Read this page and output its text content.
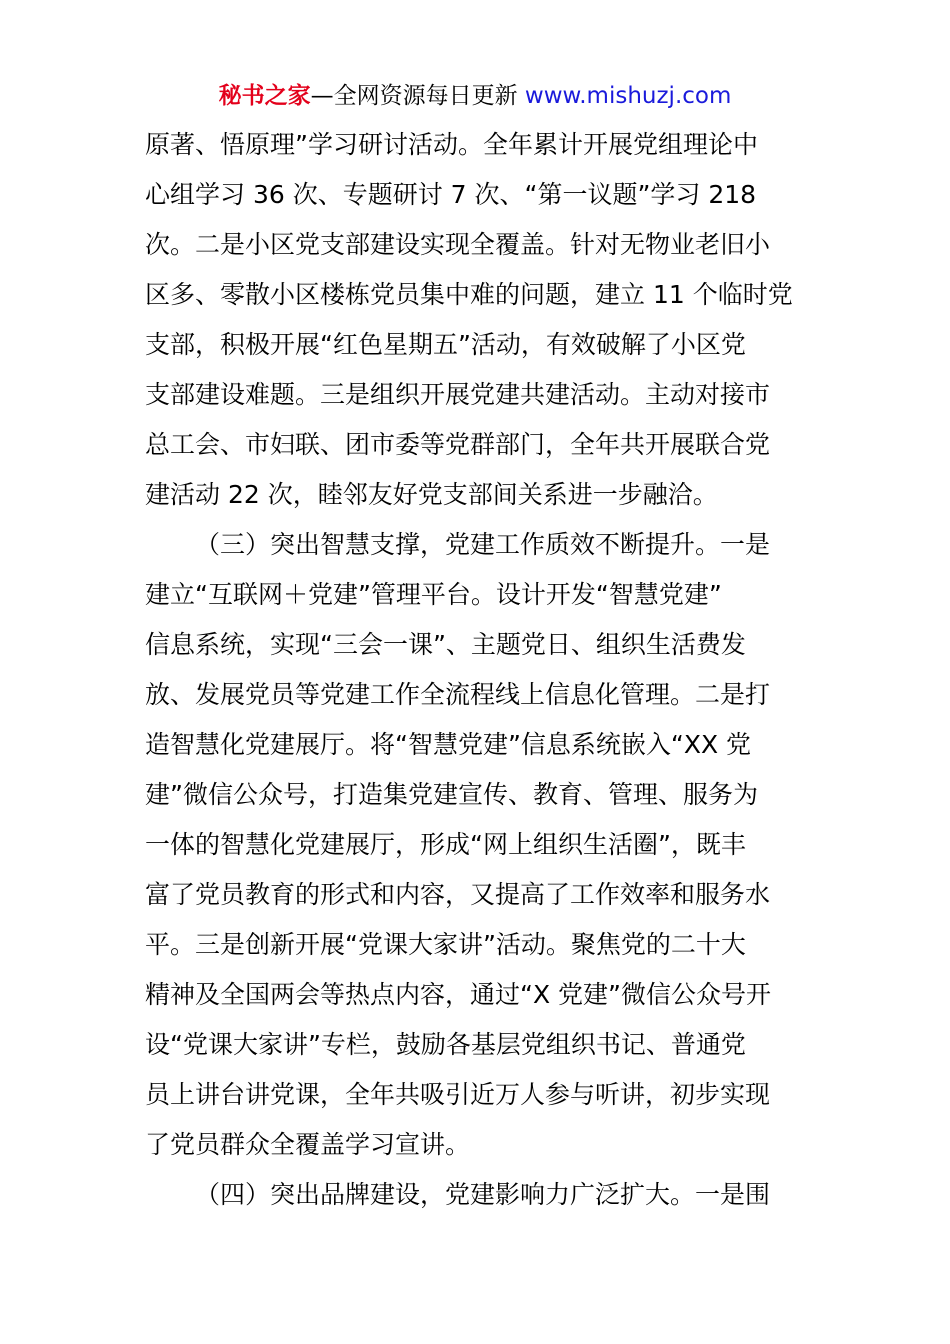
秘书之家—全网资源每日更新 www.mishuzj.com
原著、悟原理”学习研讨活动。全年累计开展党组理论中
心组学习 36 次、专题研讨 7 次、“第一议题”学习 218
次。二是小区党支部建设实现全覆盖。针对无物业老旧小
区多、零散小区楼栋党员集中难的问题，建立 11 个临时党
支部，积极开展“红色星期五”活动，有效破解了小区党
支部建设难题。三是组织开展党建共建活动。主动对接市
总工会、市妇联、团市委等党群部门，全年共开展联合党
建活动 22 次，睦邻友好党支部间关系进一步融洽。
（三）突出智慧支撑，党建工作质效不断提升。一是
建立“互联网＋党建”管理平台。设计开发“智慧党建”
信息系统，实现“三会一课”、主题党日、组织生活费发
放、发展党员等党建工作全流程线上信息化管理。二是打
造智慧化党建展厅。将“智慧党建”信息系统嵌入“XX 党
建”微信公众号，打造集党建宣传、教育、管理、服务为
一体的智慧化党建展厅，形成“网上组织生活圈”，既丰
富了党员教育的形式和内容，又提高了工作效率和服务水
平。三是创新开展“党课大家讲”活动。聚焦党的二十大
精神及全国两会等热点内容，通过“X 党建”微信公众号开
设“党课大家讲”专栏，鼓励各基层党组织书记、普通党
员上讲台讲党课，全年共吸引近万人参与听讲，初步实现
了党员群众全覆盖学习宣讲。
（四）突出品牌建设，党建影响力广泛扩大。一是围
